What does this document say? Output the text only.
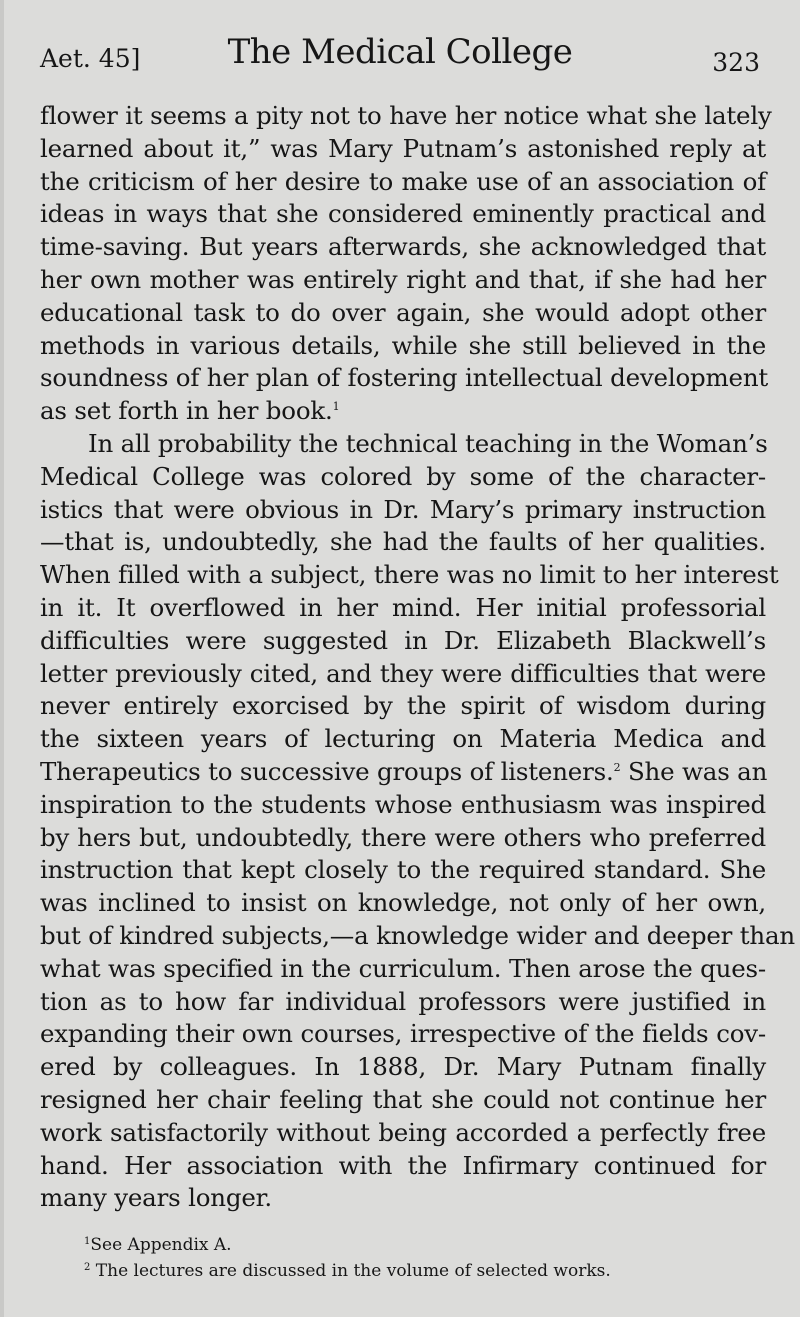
Aet. 45]	The Medical College	323
flower it seems a pity not to have her notice what she lately
learned about it,” was Mary Putnam’s astonished reply at
the criticism of her desire to make use of an association of
ideas in ways that she considered eminently practical and
time-saving. But years afterwards, she acknowledged that
her own mother was entirely right and that, if she had her
educational task to do over again, she would adopt other
methods in various details, while she still believed in the
soundness of her plan of fostering intellectual development
as set forth in her book.$^1$
In all probability the technical teaching in the Woman’s
Medical College was colored by some of the character-
istics that were obvious in Dr. Mary’s primary instruction
—that is, undoubtedly, she had the faults of her qualities.
When filled with a subject, there was no limit to her interest
in it. It overflowed in her mind. Her initial professorial
difficulties were suggested in Dr. Elizabeth Blackwell’s
letter previously cited, and they were difficulties that were
never entirely exorcised by the spirit of wisdom during
the sixteen years of lecturing on Materia Medica and
Therapeutics to successive groups of listeners.$^2$ She was an
inspiration to the students whose enthusiasm was inspired
by hers but, undoubtedly, there were others who preferred
instruction that kept closely to the required standard. She
was inclined to insist on knowledge, not only of her own,
but of kindred subjects,—a knowledge wider and deeper than
what was specified in the curriculum. Then arose the ques-
tion as to how far individual professors were justified in
expanding their own courses, irrespective of the fields cov-
ered by colleagues. In 1888, Dr. Mary Putnam finally
resigned her chair feeling that she could not continue her
work satisfactorily without being accorded a perfectly free
hand. Her association with the Infirmary continued for
many years longer.
$^1$See Appendix A.
$^2$ The lectures are discussed in the volume of selected works.
